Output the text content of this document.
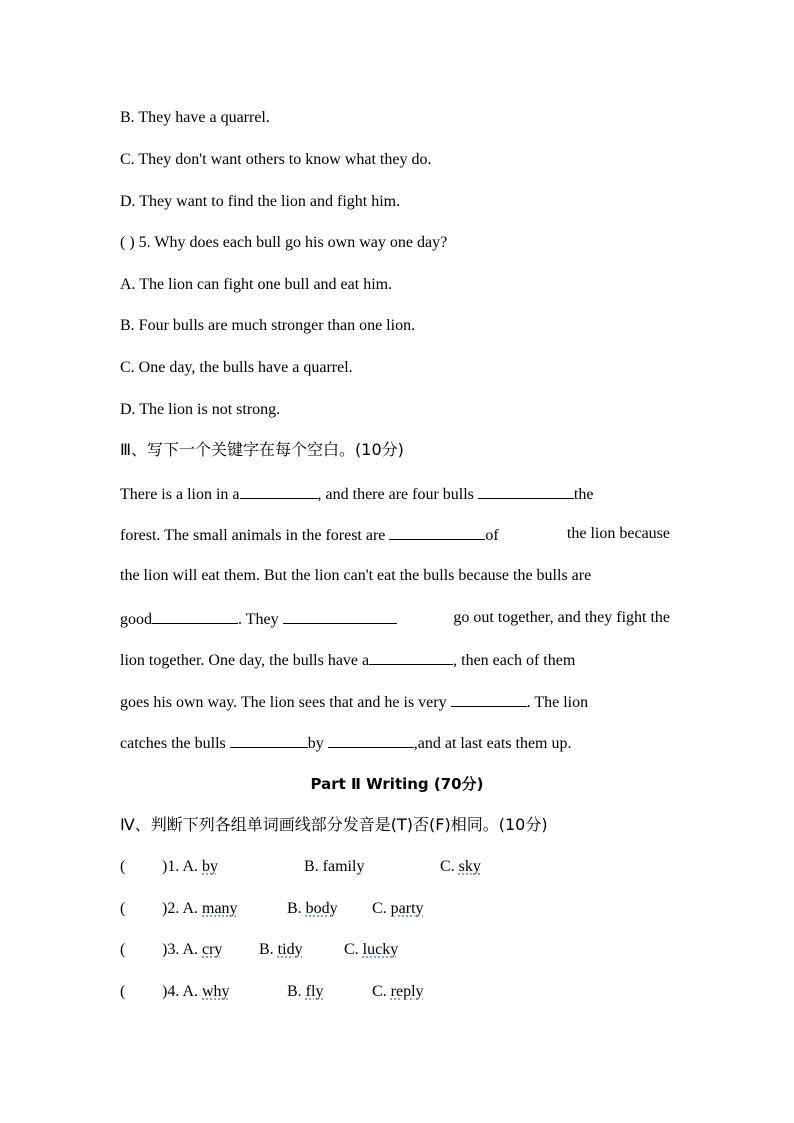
B. They have a quarrel.
C. They don't want others to know what they do.
D. They want to find the lion and fight him.
( ) 5. Why does each bull go his own way one day?
A. The lion can fight one bull and eat him.
B. Four bulls are much stronger than one lion.
C. One day, the bulls have a quarrel.
D. The lion is not strong.
Ⅲ、写下一个关键字在每个空白。(10分)
There is a lion in a	, and there are four bulls	the
forest. The small animals in the forest are	of	the lion because
the lion will eat them. But the lion can't eat the bulls because the bulls are
good	. They	go out together, and they fight the
lion together. One day, the bulls have a	, then each of them
goes his own way. The lion sees that and he is very	. The lion
catches the bulls	by	,and at last eats them up.
Part Ⅱ Writing (70分)
Ⅳ、判断下列各组单词画线部分发音是(T)否(F)相同。(10分)
( )1. A. by	B. family	C. sky
( )2. A. many	B. body C. party
( )3. A. cry B. tidy	C. lucky
( )4. A. why	B. fly	C. reply
